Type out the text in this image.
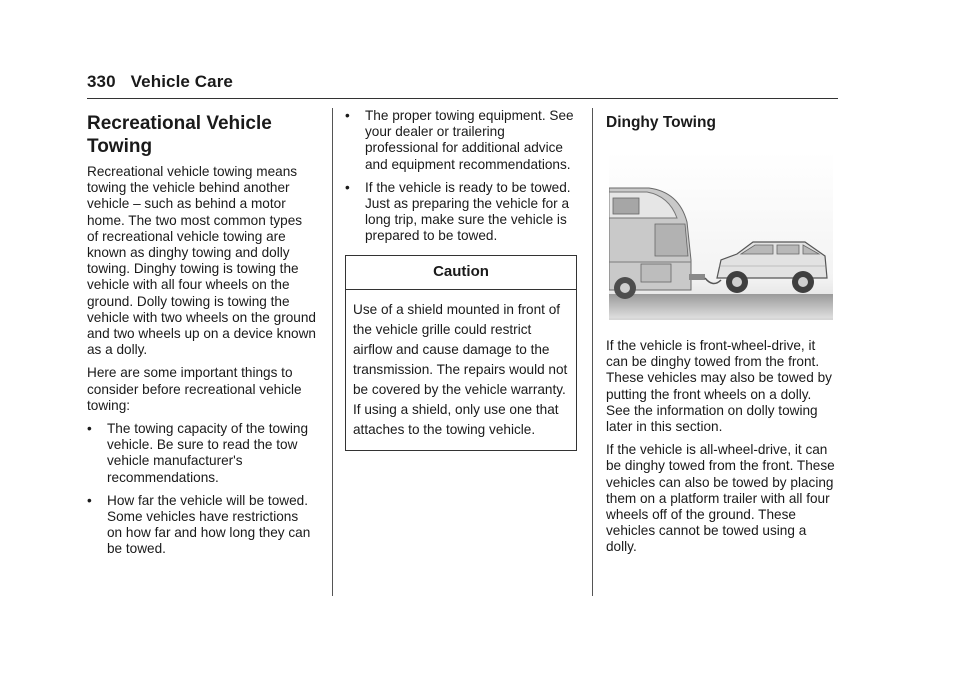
330 Vehicle Care
Recreational Vehicle
Towing

Recreational vehicle towing means towing the vehicle behind another vehicle – such as behind a motor home. The two most common types of recreational vehicle towing are known as dinghy towing and dolly towing. Dinghy towing is towing the vehicle with all four wheels on the ground. Dolly towing is towing the vehicle with two wheels on the ground and two wheels up on a device known as a dolly.

Here are some important things to consider before recreational vehicle towing:

• The towing capacity of the towing vehicle. Be sure to read the tow vehicle manufacturer's recommendations.
• How far the vehicle will be towed. Some vehicles have restrictions on how far and how long they can be towed.
• The proper towing equipment. See your dealer or trailering professional for additional advice and equipment recommendations.
• If the vehicle is ready to be towed. Just as preparing the vehicle for a long trip, make sure the vehicle is prepared to be towed.
Caution
Use of a shield mounted in front of the vehicle grille could restrict airflow and cause damage to the transmission. The repairs would not be covered by the vehicle warranty. If using a shield, only use one that attaches to the towing vehicle.
Dinghy Towing

If the vehicle is front-wheel-drive, it can be dinghy towed from the front. These vehicles may also be towed by putting the front wheels on a dolly. See the information on dolly towing later in this section.

If the vehicle is all-wheel-drive, it can be dinghy towed from the front. These vehicles can also be towed by placing them on a platform trailer with all four wheels off of the ground. These vehicles cannot be towed using a dolly.
